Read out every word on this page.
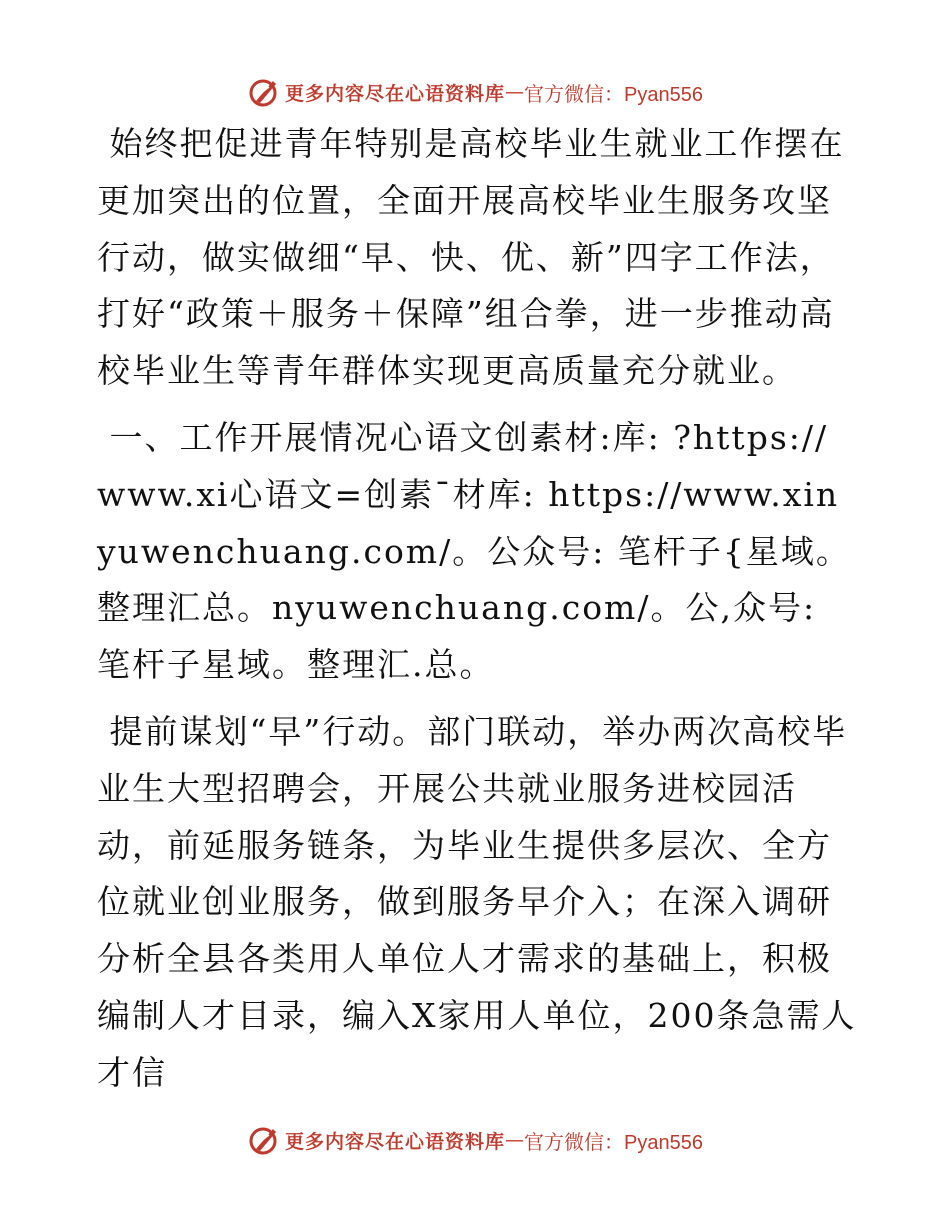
更多内容尽在心语资料库 — 官方微信：Pyan556

始终把促进青年特别是高校毕业生就业工作摆在更加突出的位置，全面开展高校毕业生服务攻坚行动，做实做细“早、快、优、新”四字工作法，打好“政策＋服务＋保障”组合拳，进一步推动高校毕业生等青年群体实现更高质量充分就业。

一、工作开展情况心语文创素材:库: ?https://www.xi心语文=创素¯材库: https://www.xinyuwenchuang.com/。公众号: 笔杆子{星域。整理汇总。nyuwenchuang.com/。公,众号: 笔杆子星域。整理汇.总。

提前谋划“早”行动。部门联动，举办两次高校毕业生大型招聘会，开展公共就业服务进校园活动，前延服务链条，为毕业生提供多层次、全方位就业创业服务，做到服务早介入；在深入调研分析全县各类用人单位人才需求的基础上，积极编制人才目录，编入X家用人单位，200条急需人才信

更多内容尽在心语资料库 — 官方微信：Pyan556
